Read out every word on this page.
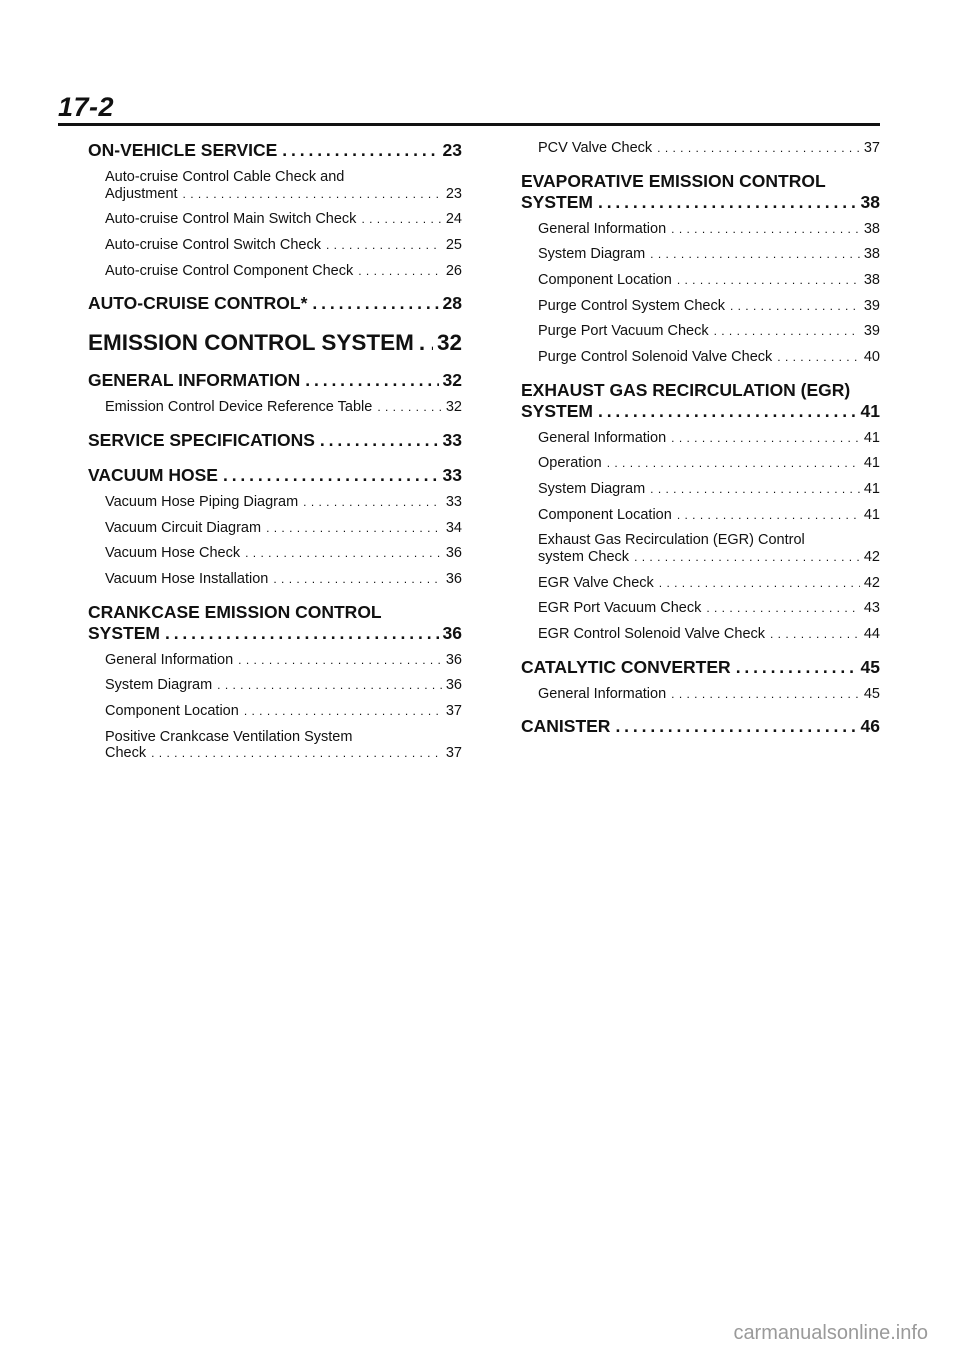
17-2
ON-VEHICLE SERVICE . . .	23
Auto-cruise Control Cable Check and
Adjustment . . .	23
Auto-cruise Control Main Switch Check . . .	24
Auto-cruise Control Switch Check . . .	25
Auto-cruise Control Component Check . . .	26
AUTO-CRUISE CONTROL* . . .	28
EMISSION CONTROL SYSTEM . . . 32
GENERAL INFORMATION . . .	32
Emission Control Device Reference Table . . .	32
SERVICE SPECIFICATIONS . . .	33
VACUUM HOSE . . .	33
Vacuum Hose Piping Diagram . . .	33
Vacuum Circuit Diagram . . .	34
Vacuum Hose Check . . .	36
Vacuum Hose Installation . . .	36
CRANKCASE EMISSION CONTROL
SYSTEM . . .	36
General Information . . .	36
System Diagram . . .	36
Component Location . . .	37
Positive Crankcase Ventilation System
Check . . .	37
PCV Valve Check . . .	37
EVAPORATIVE EMISSION CONTROL
SYSTEM . . .	38
General Information . . .	38
System Diagram . . .	38
Component Location . . .	38
Purge Control System Check . . .	39
Purge Port Vacuum Check . . .	39
Purge Control Solenoid Valve Check . . .	40
EXHAUST GAS RECIRCULATION (EGR)
SYSTEM . . .	41
General Information . . .	41
Operation . . .	41
System Diagram . . .	41
Component Location . . .	41
Exhaust Gas Recirculation (EGR) Control
system Check . . .	42
EGR Valve Check . . .	42
EGR Port Vacuum Check . . .	43
EGR Control Solenoid Valve Check . . .	44
CATALYTIC CONVERTER . . .	45
General Information . . .	45
CANISTER . . .	46
carmanualsonline.info
